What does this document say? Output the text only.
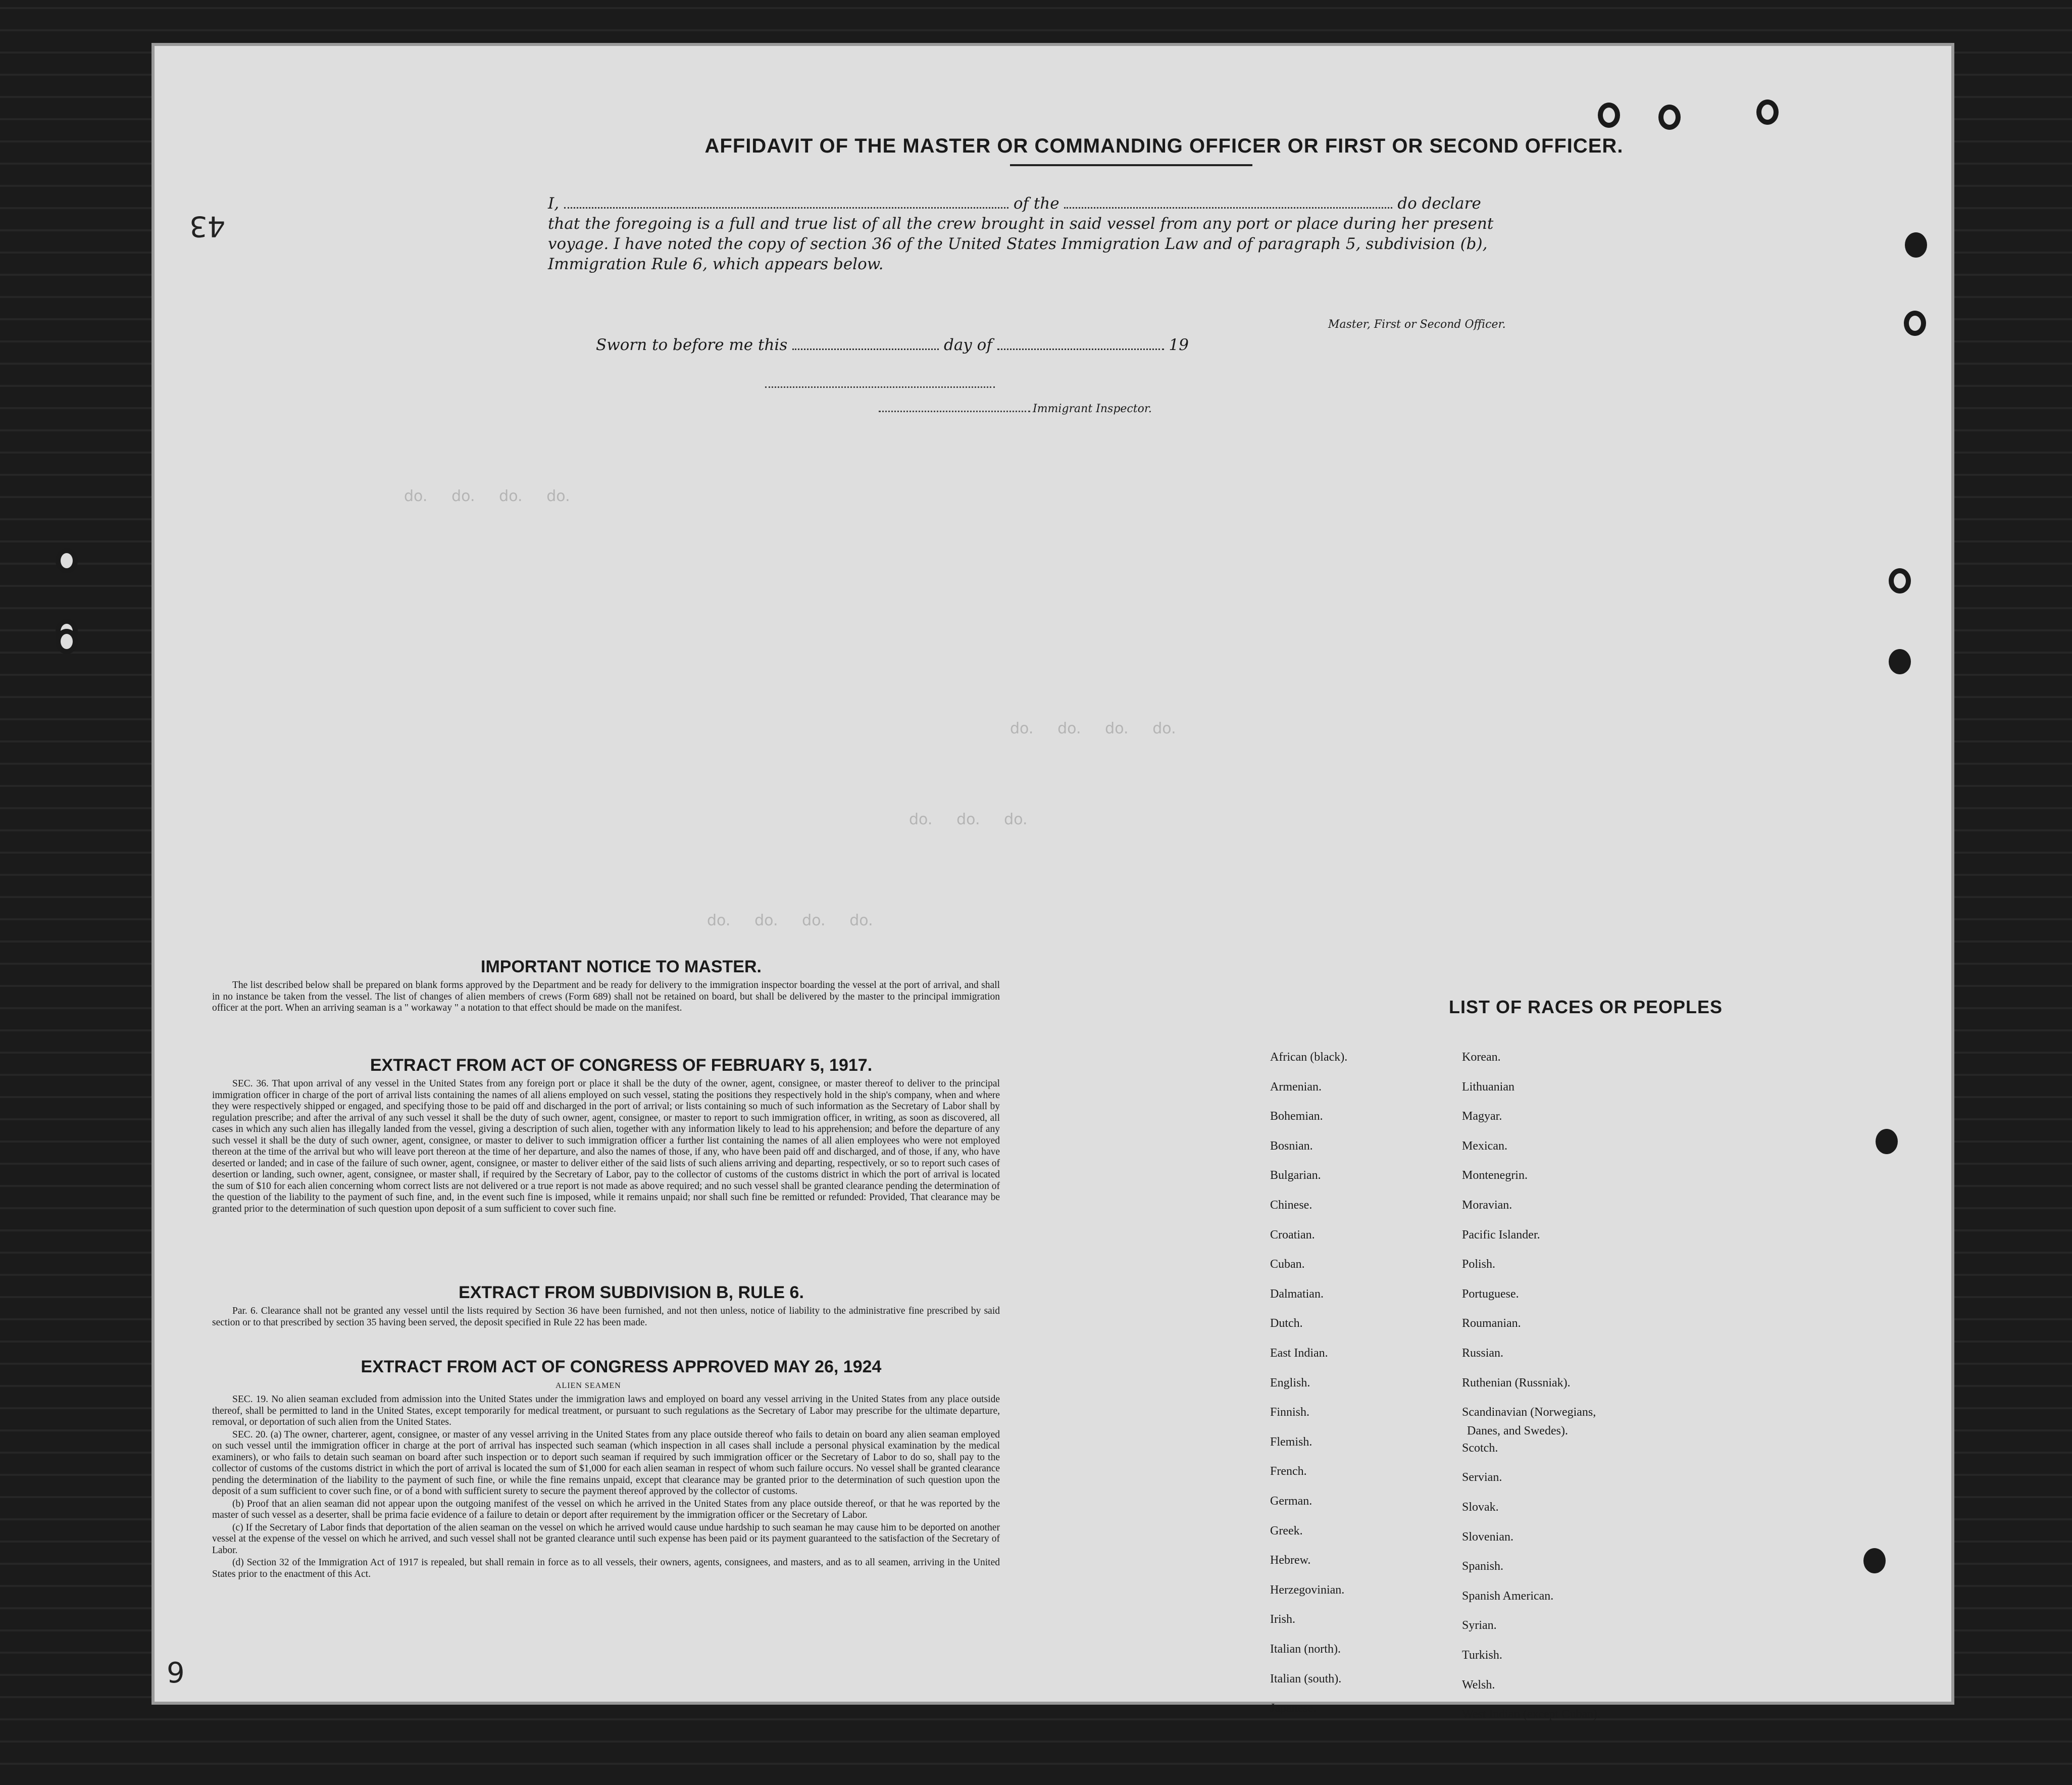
do.     do.     do.     do.
do.     do.     do.     do.
do.     do.     do.
do.     do.     do.     do.
43
9
AFFIDAVIT OF THE MASTER OR COMMANDING OFFICER OR FIRST OR SECOND OFFICER.
I,	of the	do declare
that the foregoing is a full and true list of all the crew brought in said vessel from any port or place during her present
voyage. I have noted the copy of section 36 of the United States Immigration Law and of paragraph 5, subdivision (b),
Immigration Rule 6, which appears below.
Master, First or Second Officer.
Sworn to before me this	day of	19
Immigrant Inspector.
IMPORTANT NOTICE TO MASTER.
The list described below shall be prepared on blank forms approved by the Department and be ready for delivery to the immigration inspector boarding the vessel at the port of arrival, and shall in no instance be taken from the vessel. The list of changes of alien members of crews (Form 689) shall not be retained on board, but shall be delivered by the master to the principal immigration officer at the port. When an arriving seaman is a " workaway " a notation to that effect should be made on the manifest.
EXTRACT FROM ACT OF CONGRESS OF FEBRUARY 5, 1917.
SEC. 36. That upon arrival of any vessel in the United States from any foreign port or place it shall be the duty of the owner, agent, consignee, or master thereof to deliver to the principal immigration officer in charge of the port of arrival lists containing the names of all aliens employed on such vessel, stating the positions they respectively hold in the ship's company, when and where they were respectively shipped or engaged, and specifying those to be paid off and discharged in the port of arrival; or lists containing so much of such information as the Secretary of Labor shall by regulation prescribe; and after the arrival of any such vessel it shall be the duty of such owner, agent, consignee, or master to report to such immigration officer, in writing, as soon as discovered, all cases in which any such alien has illegally landed from the vessel, giving a description of such alien, together with any information likely to lead to his apprehension; and before the departure of any such vessel it shall be the duty of such owner, agent, consignee, or master to deliver to such immigration officer a further list containing the names of all alien employees who were not employed thereon at the time of the arrival but who will leave port thereon at the time of her departure, and also the names of those, if any, who have been paid off and discharged, and of those, if any, who have deserted or landed; and in case of the failure of such owner, agent, consignee, or master to deliver either of the said lists of such aliens arriving and departing, respectively, or so to report such cases of desertion or landing, such owner, agent, consignee, or master shall, if required by the Secretary of Labor, pay to the collector of customs of the customs district in which the port of arrival is located the sum of $10 for each alien concerning whom correct lists are not delivered or a true report is not made as above required; and no such vessel shall be granted clearance pending the determination of the question of the liability to the payment of such fine, and, in the event such fine is imposed, while it remains unpaid; nor shall such fine be remitted or refunded: Provided, That clearance may be granted prior to the determination of such question upon deposit of a sum sufficient to cover such fine.
EXTRACT FROM SUBDIVISION B, RULE 6.
Par. 6. Clearance shall not be granted any vessel until the lists required by Section 36 have been furnished, and not then unless, notice of liability to the administrative fine prescribed by said section or to that prescribed by section 35 having been served, the deposit specified in Rule 22 has been made.
EXTRACT FROM ACT OF CONGRESS APPROVED MAY 26, 1924
ALIEN SEAMEN

SEC. 19. No alien seaman excluded from admission into the United States under the immigration laws and employed on board any vessel arriving in the United States from any place outside thereof, shall be permitted to land in the United States, except temporarily for medical treatment, or pursuant to such regulations as the Secretary of Labor may prescribe for the ultimate departure, removal, or deportation of such alien from the United States.

SEC. 20. (a) The owner, charterer, agent, consignee, or master of any vessel arriving in the United States from any place outside thereof who fails to detain on board any alien seaman employed on such vessel until the immigration officer in charge at the port of arrival has inspected such seaman (which inspection in all cases shall include a personal physical examination by the medical examiners), or who fails to detain such seaman on board after such inspection or to deport such seaman if required by such immigration officer or the Secretary of Labor to do so, shall pay to the collector of customs of the customs district in which the port of arrival is located the sum of $1,000 for each alien seaman in respect of whom such failure occurs. No vessel shall be granted clearance pending the determination of the liability to the payment of such fine, or while the fine remains unpaid, except that clearance may be granted prior to the determination of such question upon the deposit of a sum sufficient to cover such fine, or of a bond with sufficient surety to secure the payment thereof approved by the collector of customs.

(b) Proof that an alien seaman did not appear upon the outgoing manifest of the vessel on which he arrived in the United States from any place outside thereof, or that he was reported by the master of such vessel as a deserter, shall be prima facie evidence of a failure to detain or deport after requirement by the immigration officer or the Secretary of Labor.

(c) If the Secretary of Labor finds that deportation of the alien seaman on the vessel on which he arrived would cause undue hardship to such seaman he may cause him to be deported on another vessel at the expense of the vessel on which he arrived, and such vessel shall not be granted clearance until such expense has been paid or its payment guaranteed to the satisfaction of the Secretary of Labor.

(d) Section 32 of the Immigration Act of 1917 is repealed, but shall remain in force as to all vessels, their owners, agents, consignees, and masters, and as to all seamen, arriving in the United States prior to the enactment of this Act.

LIST OF RACES OR PEOPLES
African (black).
Armenian.
Bohemian.
Bosnian.
Bulgarian.
Chinese.
Croatian.
Cuban.
Dalmatian.
Dutch.
East Indian.
English.
Finnish.
Flemish.
French.
German.
Greek.
Hebrew.
Herzegovinian.
Irish.
Italian (north).
Italian (south).
Japanese.
Korean.
Lithuanian
Magyar.
Mexican.
Montenegrin.
Moravian.
Pacific Islander.
Polish.
Portuguese.
Roumanian.
Russian.
Ruthenian (Russniak).
Scandinavian (Norwegians,
Scotch.
Servian.
Slovak.
Slovenian.
Spanish.
Spanish American.
Syrian.
Turkish.
Welsh.
West Indian (except Cuban).
Danes, and Swedes).
